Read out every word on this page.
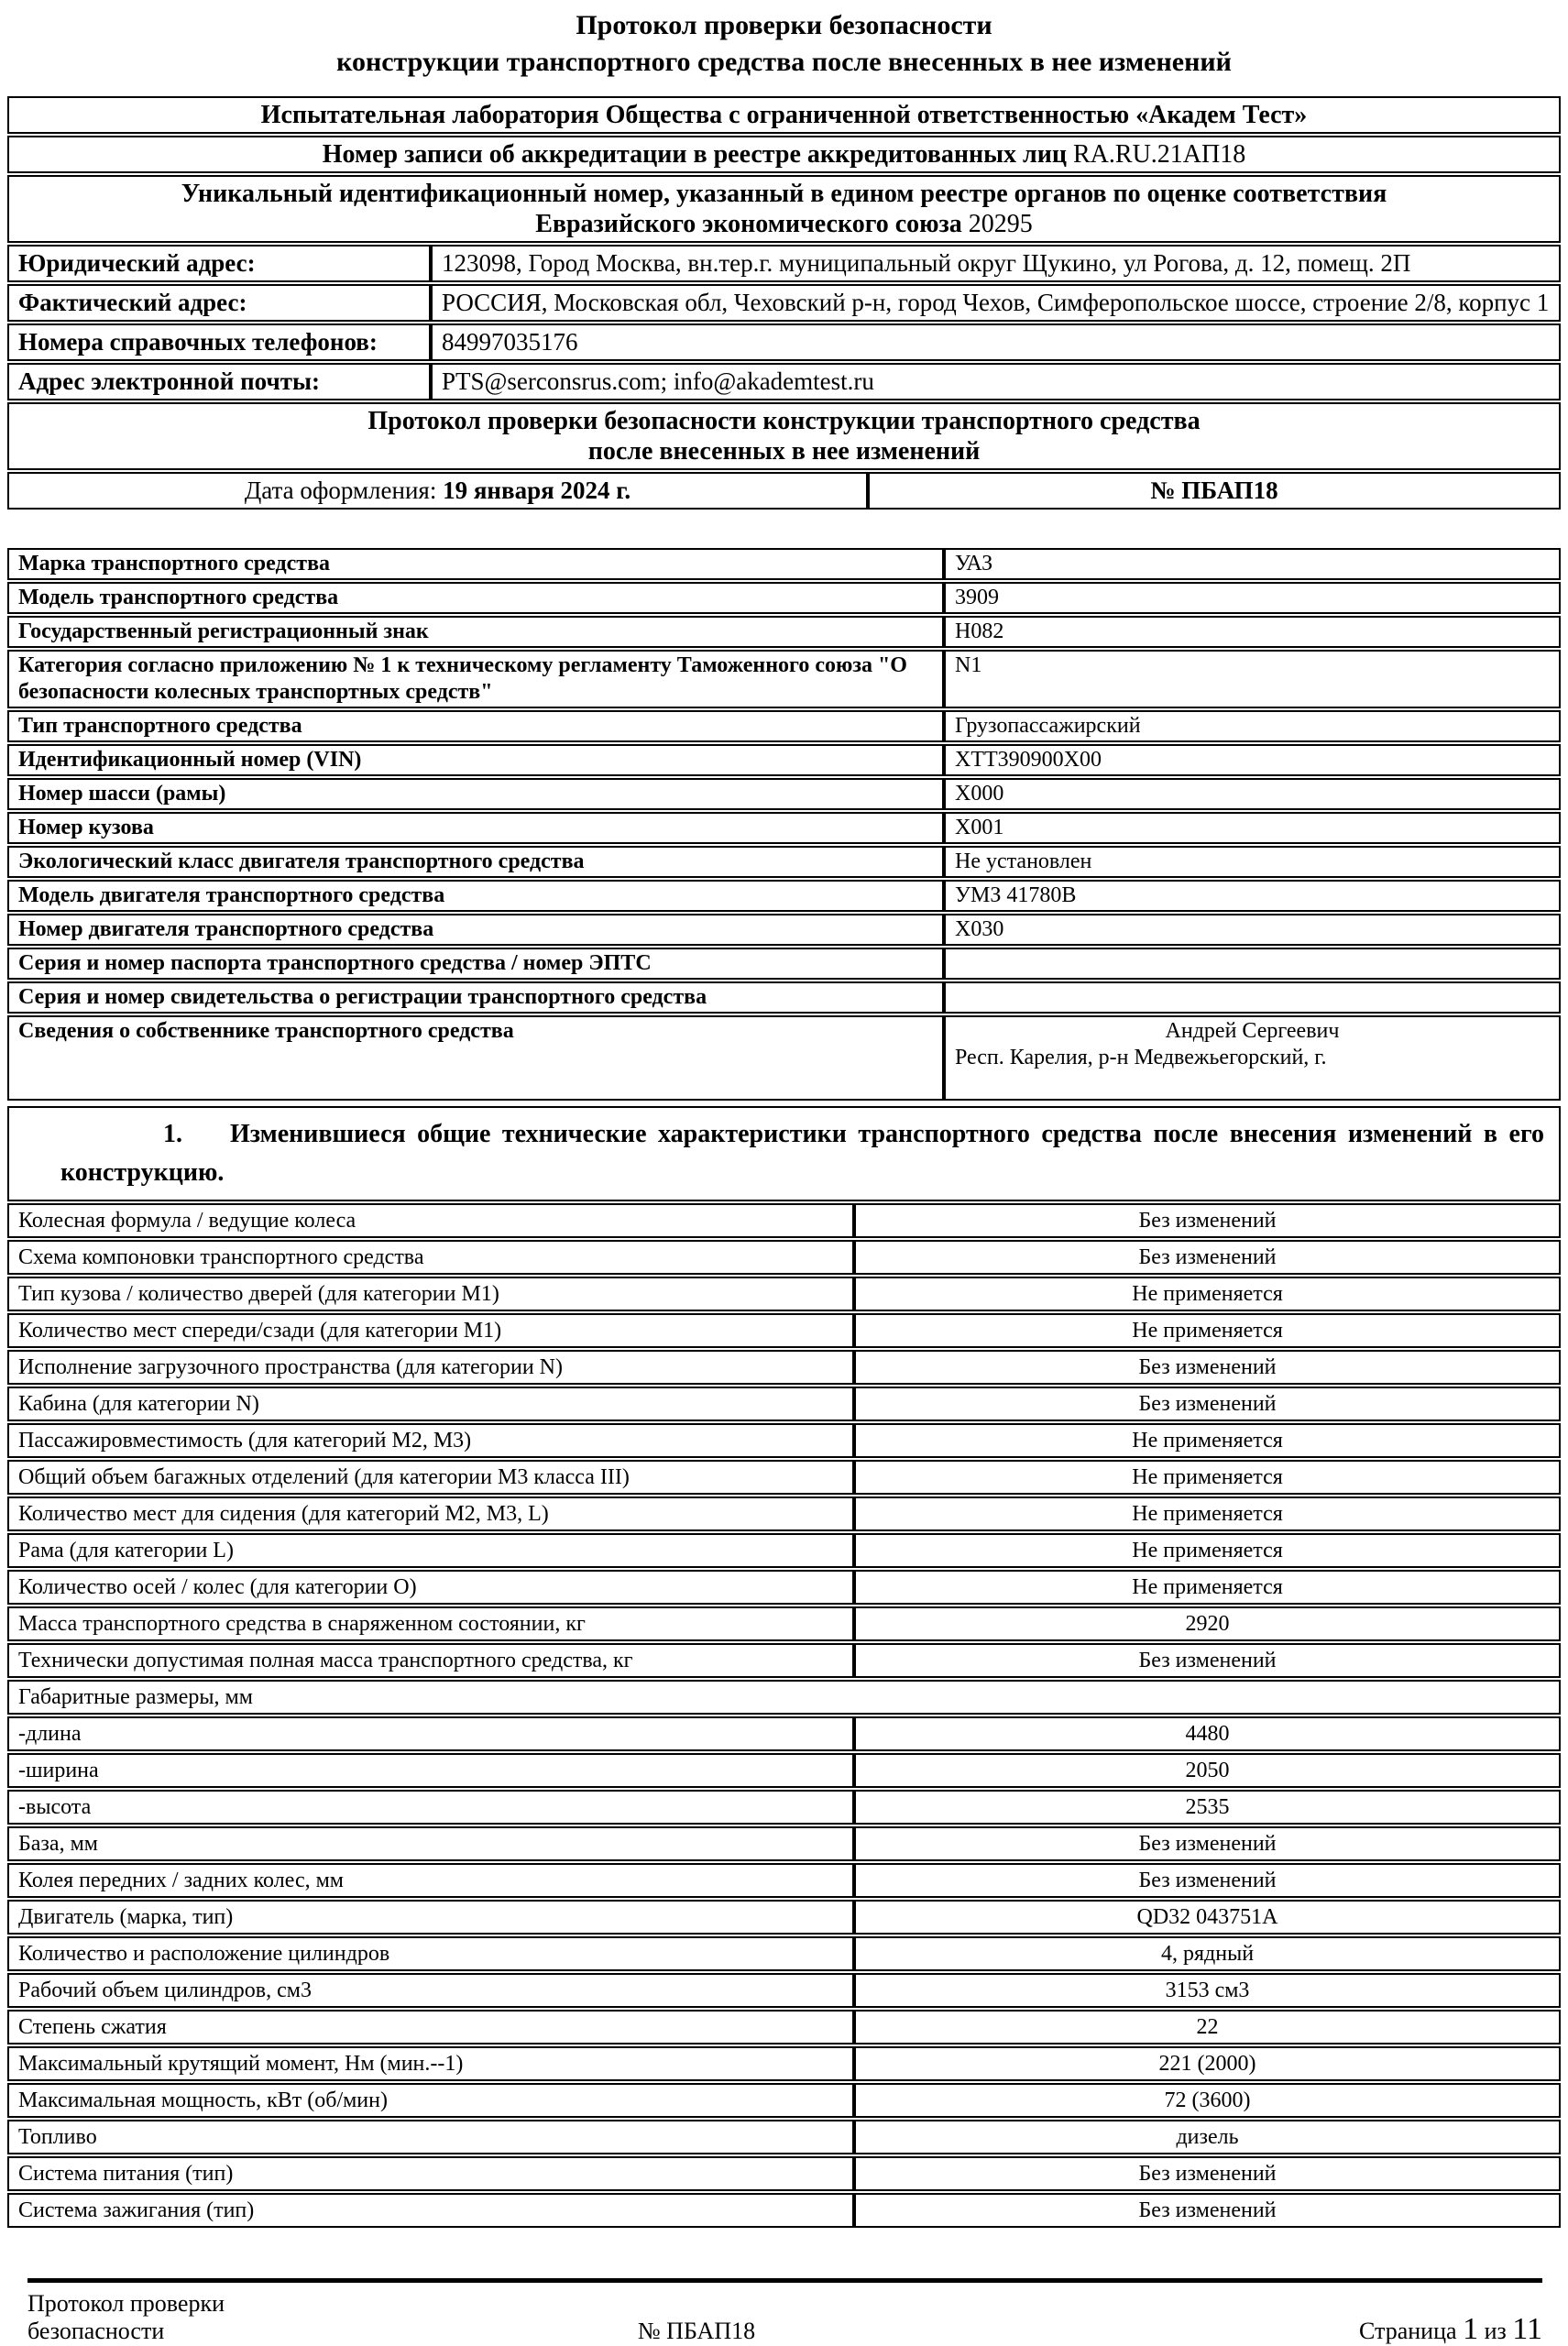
Протокол проверки безопасности
конструкции транспортного средства после внесенных в нее изменений
Испытательная лаборатория Общества с ограниченной ответственностью «Академ Тест»		
Номер записи об аккредитации в реестре аккредитованных лиц RA.RU.21АП18		

Уникальный идентификационный номер, указанный в едином реестре органов по оценке соответствия
Евразийского экономического союза 20295		

Юридический адрес:	123098, Город Москва, вн.тер.г. муниципальный округ Щукино, ул Рогова, д. 12, помещ. 2П	
Фактический адрес:	РОССИЯ, Московская обл, Чеховский р-н, город Чехов, Симферопольское шоссе, строение 2/8, корпус 1	
Номера справочных телефонов:	84997035176	
Адрес электронной почты:	PTS@serconsrus.com; info@akademtest.ru	

Протокол проверки безопасности конструкции транспортного средства
после внесенных в нее изменений		

Дата оформления: 19 января 2024 г.		№ ПБАП18
Марка транспортного средства	УАЗ
Модель транспортного средства	3909
Государственный регистрационный знак	Н082
Категория согласно приложению № 1 к техническому регламенту Таможенного союза "О безопасности колесных транспортных средств"	N1
Тип транспортного средства	Грузопассажирский
Идентификационный номер (VIN)	XTT390900X00
Номер шасси (рамы)	X000
Номер кузова	X001
Экологический класс двигателя транспортного средства	Не установлен
Модель двигателя транспортного средства	УМЗ 41780В
Номер двигателя транспортного средства	X030
Серия и номер паспорта транспортного средства / номер ЭПТС	
Серия и номер свидетельства о регистрации транспортного средства	
Сведения о собственнике транспортного средства	Андрей Сергеевич
Респ. Карелия, р-н Медвежьегорский, г.

1. Изменившиеся общие технические характеристики транспортного средства после внесения изменений в его конструкцию.	
Колесная формула / ведущие колеса	Без изменений
Схема компоновки транспортного средства	Без изменений
Тип кузова / количество дверей (для категории M1)	Не применяется
Количество мест спереди/сзади (для категории M1)	Не применяется
Исполнение загрузочного пространства (для категории N)	Без изменений
Кабина (для категории N)	Без изменений
Пассажировместимость (для категорий M2, M3)	Не применяется
Общий объем багажных отделений (для категории M3 класса III)	Не применяется
Количество мест для сидения (для категорий M2, M3, L)	Не применяется
Рама (для категории L)	Не применяется
Количество осей / колес (для категории O)	Не применяется
Масса транспортного средства в снаряженном состоянии, кг	2920
Технически допустимая полная масса транспортного средства, кг	Без изменений
Габаритные размеры, мм	
-длина	4480
-ширина	2050
-высота	2535
База, мм	Без изменений
Колея передних / задних колес, мм	Без изменений
Двигатель (марка, тип)	QD32 043751A
Количество и расположение цилиндров	4, рядный
Рабочий объем цилиндров, см3	3153 см3
Степень сжатия	22
Максимальный крутящий момент, Нм (мин.--1)	221 (2000)
Максимальная мощность, кВт (об/мин)	72 (3600)
Топливо	дизель
Система питания (тип)	Без изменений
Система зажигания (тип)	Без изменений
Протокол проверки безопасности	№ ПБАП18	Страница 1 из 11
